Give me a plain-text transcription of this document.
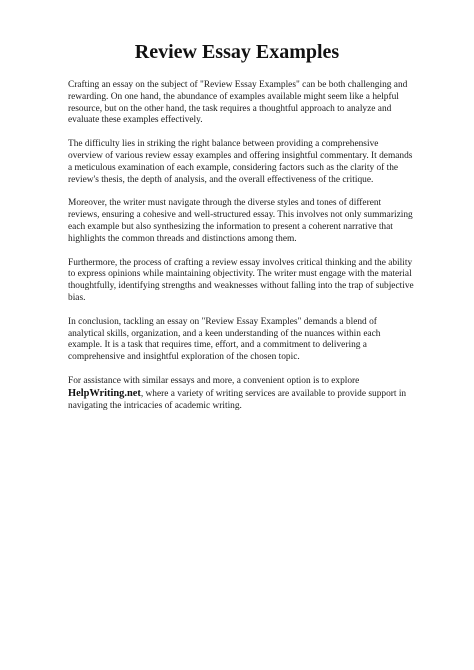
Review Essay Examples

Crafting an essay on the subject of "Review Essay Examples" can be both challenging and rewarding. On one hand, the abundance of examples available might seem like a helpful resource, but on the other hand, the task requires a thoughtful approach to analyze and evaluate these examples effectively.

The difficulty lies in striking the right balance between providing a comprehensive overview of various review essay examples and offering insightful commentary. It demands a meticulous examination of each example, considering factors such as the clarity of the review's thesis, the depth of analysis, and the overall effectiveness of the critique.

Moreover, the writer must navigate through the diverse styles and tones of different reviews, ensuring a cohesive and well-structured essay. This involves not only summarizing each example but also synthesizing the information to present a coherent narrative that highlights the common threads and distinctions among them.

Furthermore, the process of crafting a review essay involves critical thinking and the ability to express opinions while maintaining objectivity. The writer must engage with the material thoughtfully, identifying strengths and weaknesses without falling into the trap of subjective bias.

In conclusion, tackling an essay on "Review Essay Examples" demands a blend of analytical skills, organization, and a keen understanding of the nuances within each example. It is a task that requires time, effort, and a commitment to delivering a comprehensive and insightful exploration of the chosen topic.

For assistance with similar essays and more, a convenient option is to explore HelpWriting.net, where a variety of writing services are available to provide support in navigating the intricacies of academic writing.
